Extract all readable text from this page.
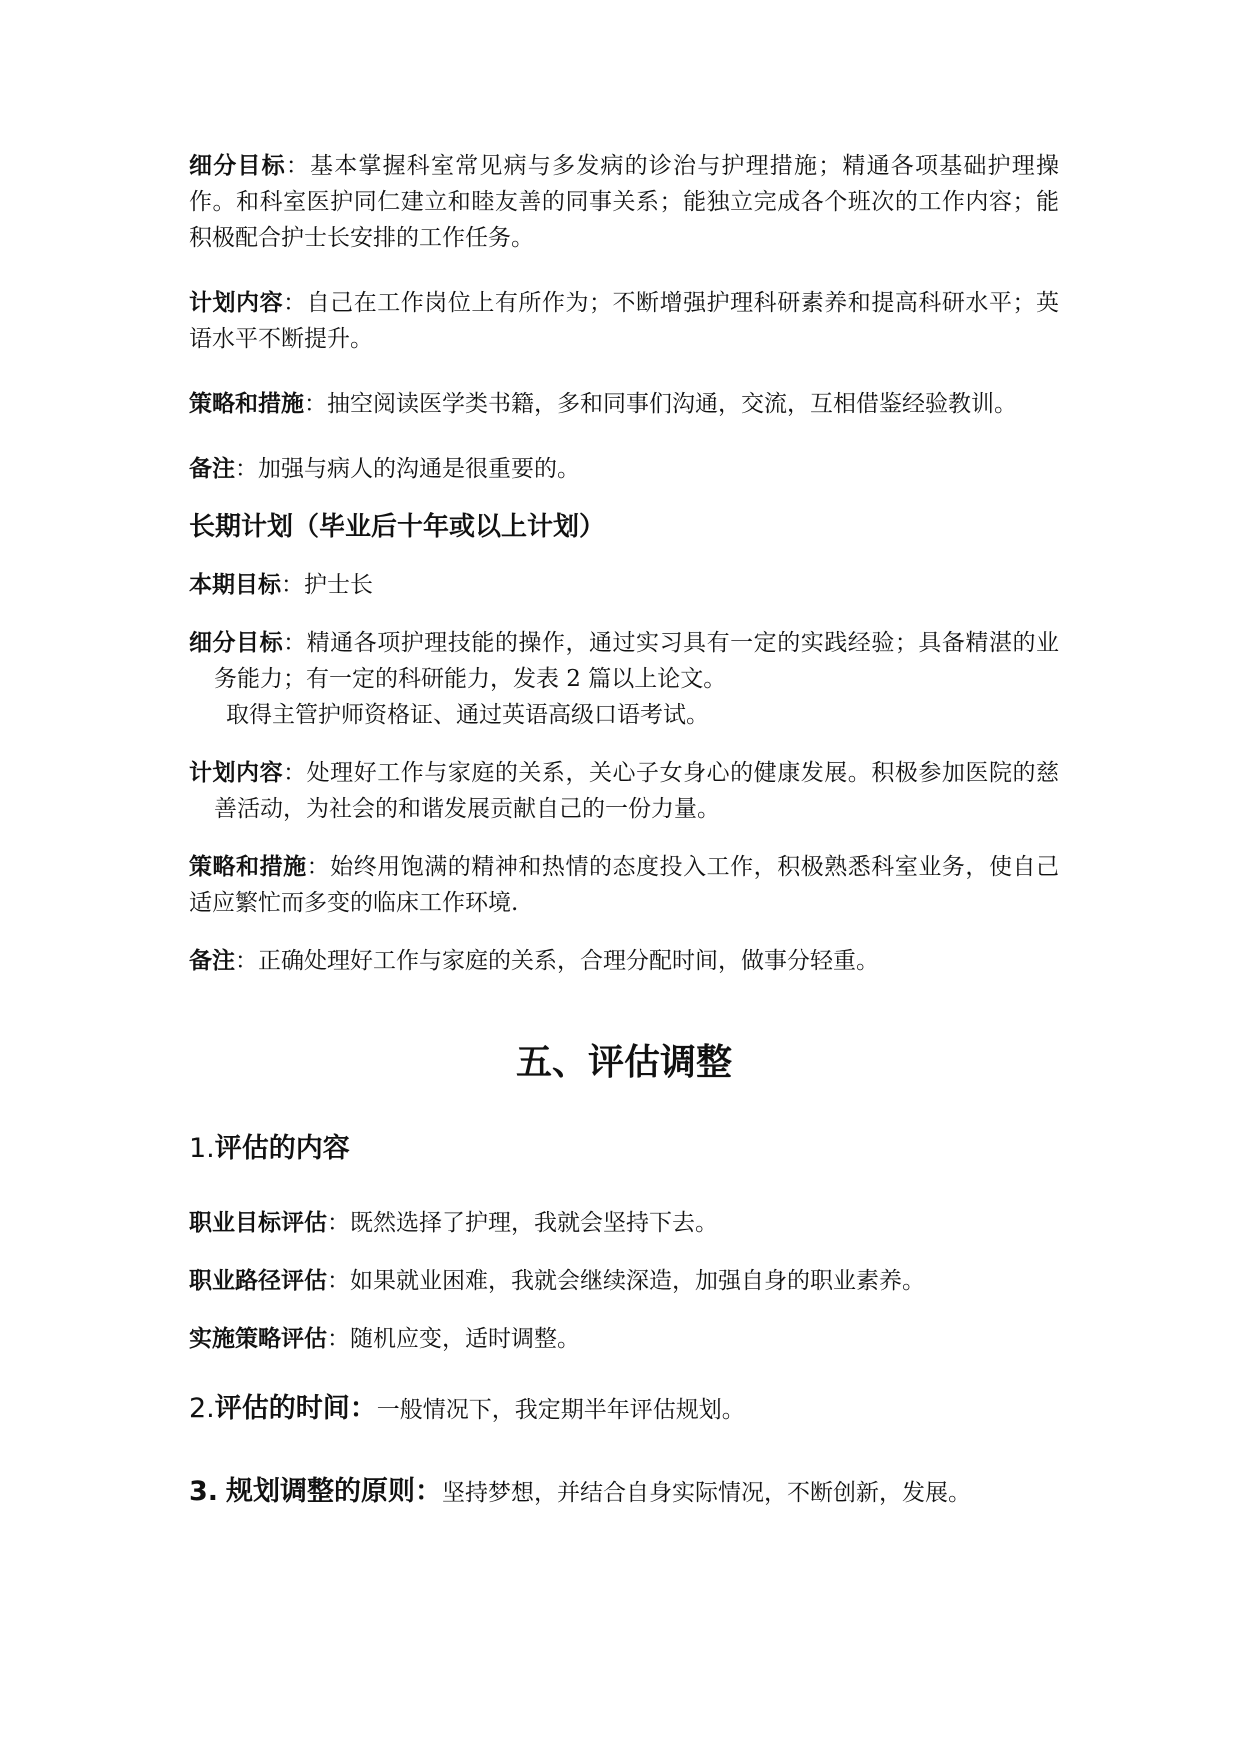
细分目标：基本掌握科室常见病与多发病的诊治与护理措施；精通各项基础护理操作。和科室医护同仁建立和睦友善的同事关系；能独立完成各个班次的工作内容；能积极配合护士长安排的工作任务。

计划内容：自己在工作岗位上有所作为；不断增强护理科研素养和提高科研水平；英语水平不断提升。

策略和措施：抽空阅读医学类书籍，多和同事们沟通，交流，互相借鉴经验教训。

备注：加强与病人的沟通是很重要的。

长期计划（毕业后十年或以上计划）

本期目标：护士长

细分目标：精通各项护理技能的操作，通过实习具有一定的实践经验；具备精湛的业务能力；有一定的科研能力，发表 2 篇以上论文。

取得主管护师资格证、通过英语高级口语考试。

计划内容：处理好工作与家庭的关系，关心子女身心的健康发展。积极参加医院的慈善活动，为社会的和谐发展贡献自己的一份力量。

策略和措施：始终用饱满的精神和热情的态度投入工作，积极熟悉科室业务，使自己适应繁忙而多变的临床工作环境.

备注：正确处理好工作与家庭的关系，合理分配时间，做事分轻重。

五、评估调整

1.评估的内容

职业目标评估：既然选择了护理，我就会坚持下去。

职业路径评估：如果就业困难，我就会继续深造，加强自身的职业素养。

实施策略评估：随机应变，适时调整。

2.评估的时间：一般情况下，我定期半年评估规划。

3. 规划调整的原则：坚持梦想，并结合自身实际情况，不断创新，发展。
